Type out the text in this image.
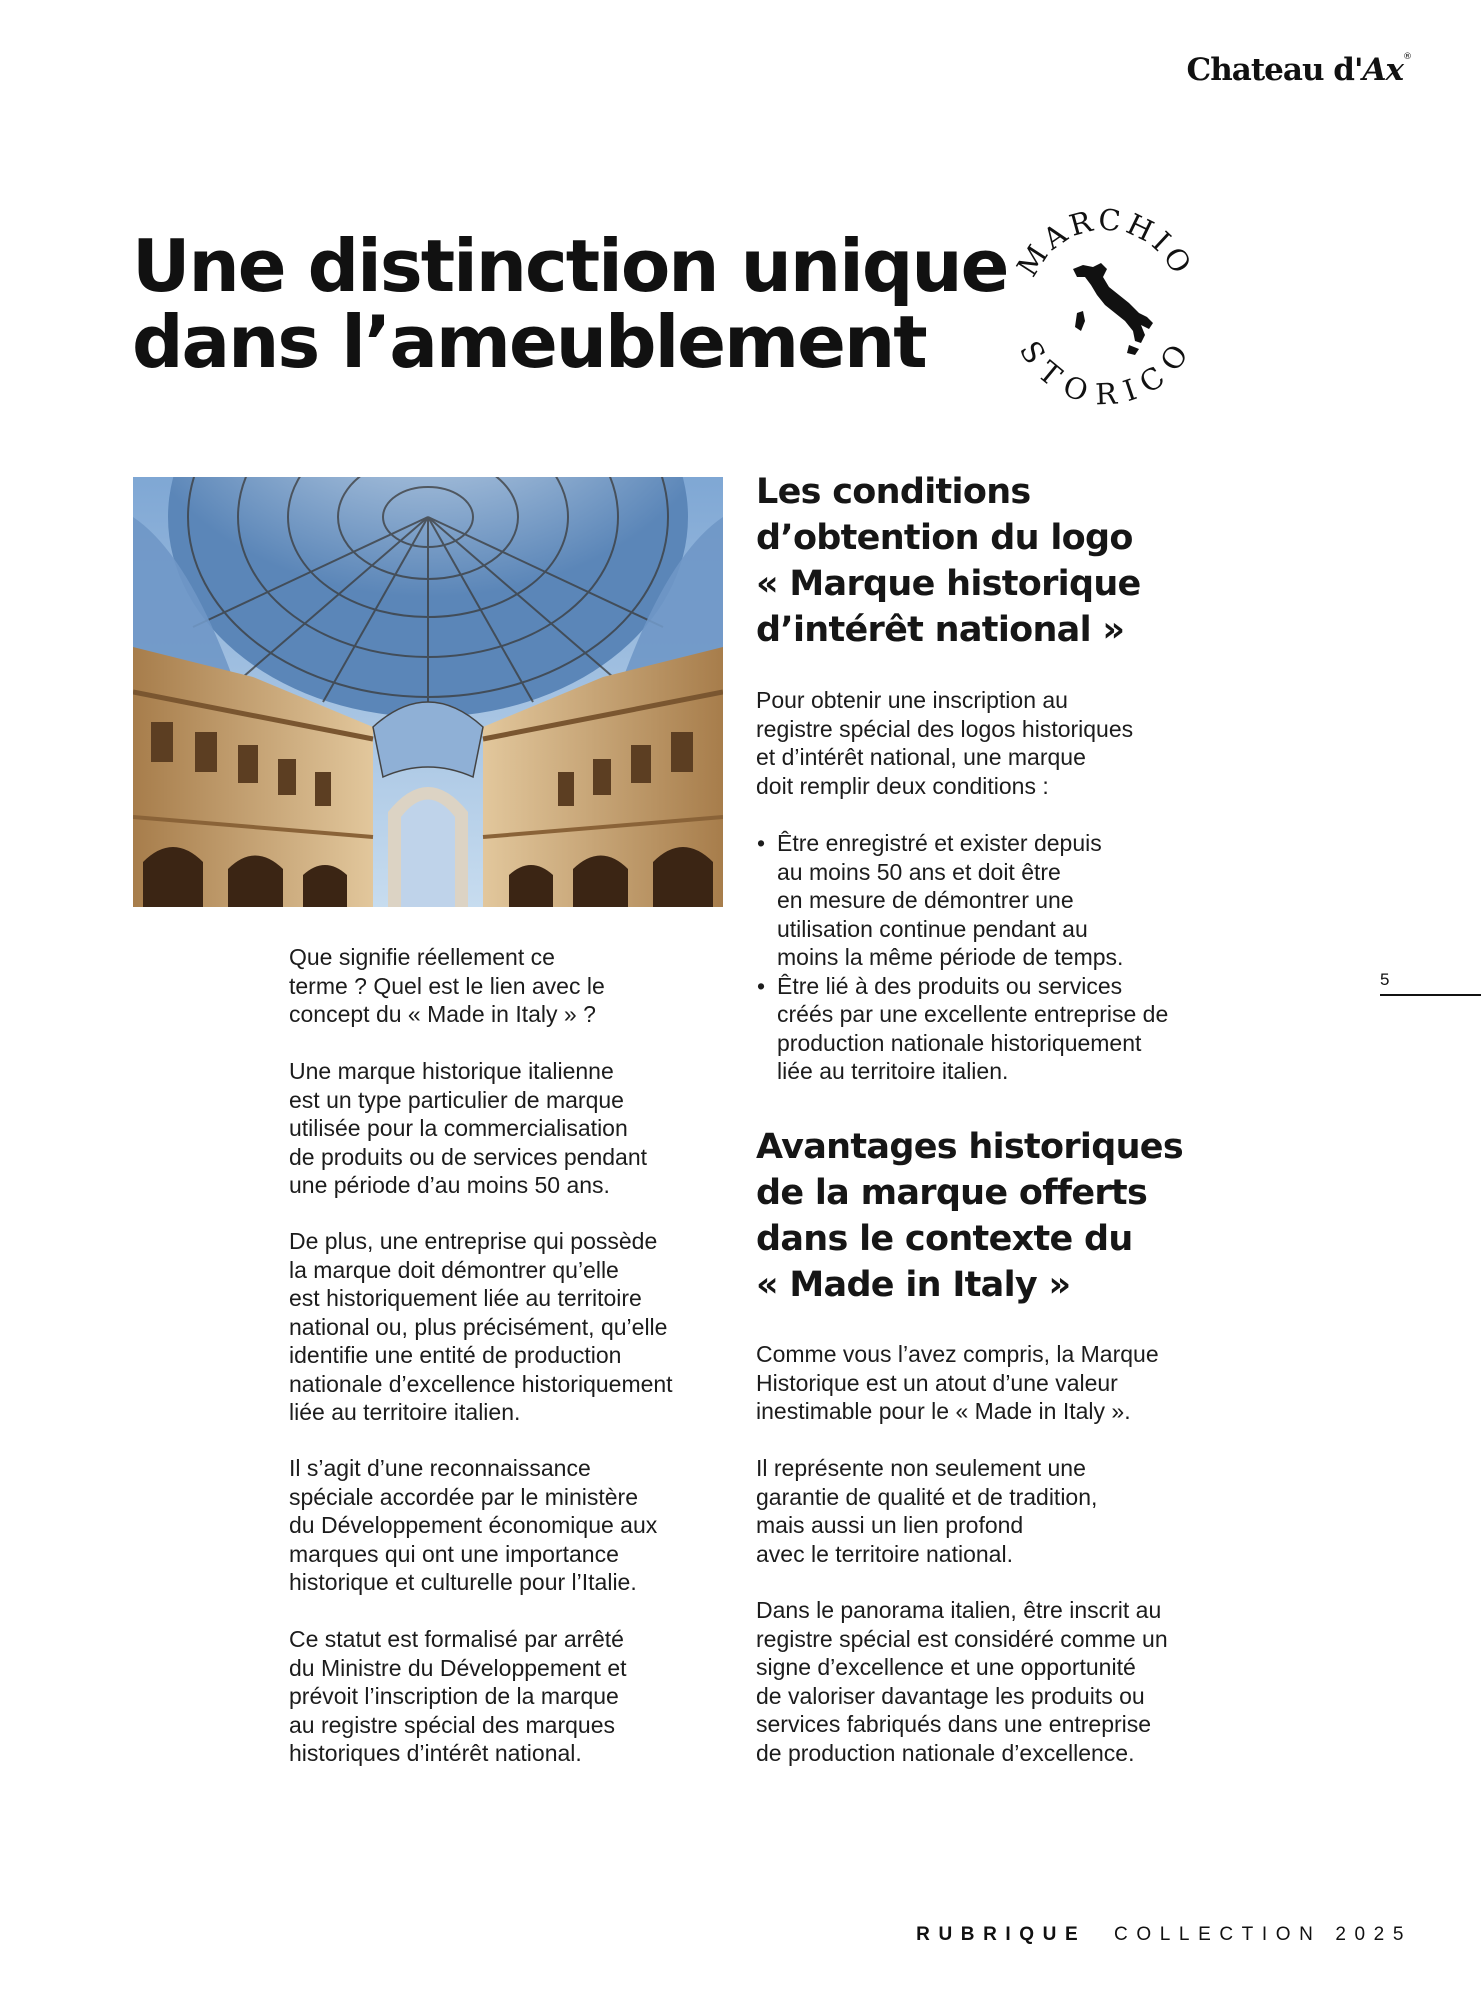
Chateau d'Ax®
Une distinction unique
dans l’ameublement
MARCHIO
STORICO

Que signifie réellement ce
terme ? Quel est le lien avec le
concept du « Made in Italy » ?

Une marque historique italienne
est un type particulier de marque
utilisée pour la commercialisation
de produits ou de services pendant
une période d’au moins 50 ans.

De plus, une entreprise qui possède
la marque doit démontrer qu’elle
est historiquement liée au territoire
national ou, plus précisément, qu’elle
identifie une entité de production
nationale d’excellence historiquement
liée au territoire italien.

Il s’agit d’une reconnaissance
spéciale accordée par le ministère
du Développement économique aux
marques qui ont une importance
historique et culturelle pour l’Italie.

Ce statut est formalisé par arrêté
du Ministre du Développement et
prévoit l’inscription de la marque
au registre spécial des marques
historiques d’intérêt national.

Les conditions
d’obtention du logo
« Marque historique
d’intérêt national »

Pour obtenir une inscription au
registre spécial des logos historiques
et d’intérêt national, une marque
doit remplir deux conditions :

• Être enregistré et exister depuis
au moins 50 ans et doit être
en mesure de démontrer une
utilisation continue pendant au
moins la même période de temps.
• Être lié à des produits ou services
créés par une excellente entreprise de
production nationale historiquement
liée au territoire italien.
Avantages historiques
de la marque offerts
dans le contexte du
« Made in Italy »

Comme vous l’avez compris, la Marque
Historique est un atout d’une valeur
inestimable pour le « Made in Italy ».

Il représente non seulement une
garantie de qualité et de tradition,
mais aussi un lien profond
avec le territoire national.

Dans le panorama italien, être inscrit au
registre spécial est considéré comme un
signe d’excellence et une opportunité
de valoriser davantage les produits ou
services fabriqués dans une entreprise
de production nationale d’excellence.

5
RUBRIQUE COLLECTION 2025
